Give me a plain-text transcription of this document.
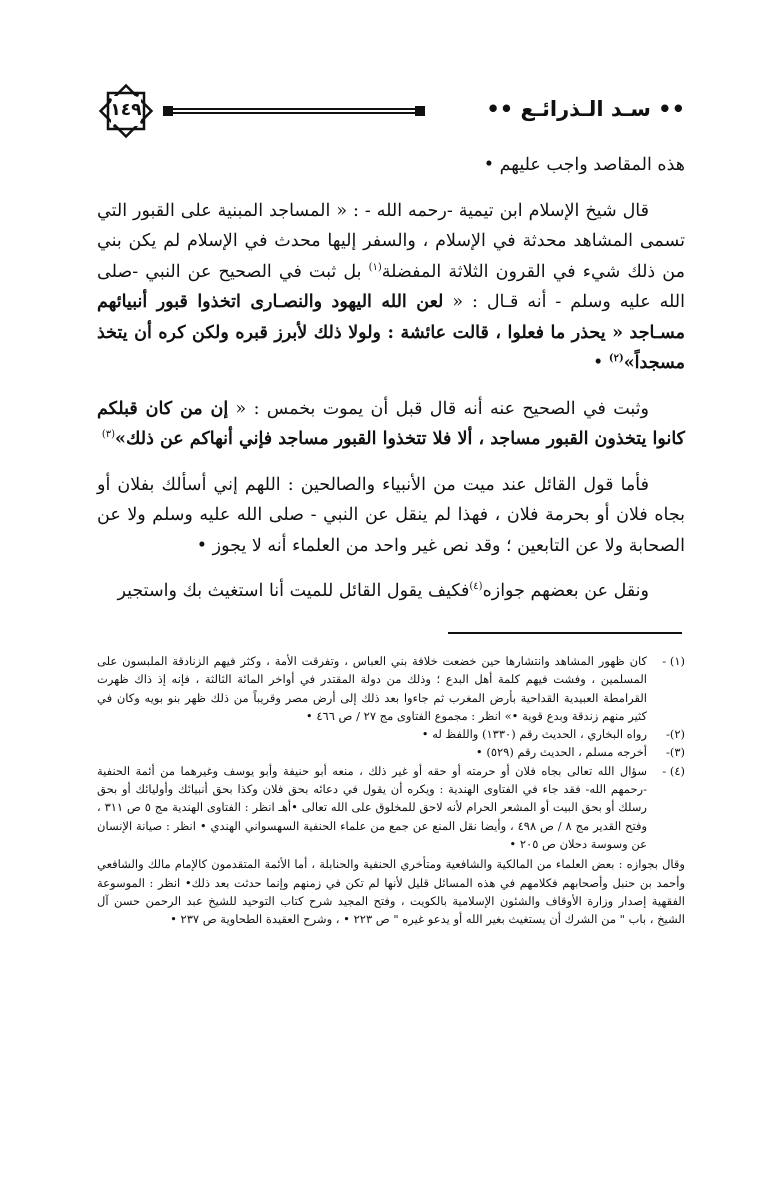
١٤٩	•• سـد الـذرائـع ••

هذه المقاصد واجب عليهم •

قال شيخ الإسلام ابن تيمية -رحمه الله - : « المساجد المبنية على القبور التي تسمى المشاهد محدثة في الإسلام ، والسفر إليها محدث في الإسلام لم يكن بني من ذلك شيء في القرون الثلاثة المفضلة$^{(١)}$ بل ثبت في الصحيح عن النبي -صلى الله عليه وسلم - أنه قـال : « لعن الله اليهود والنصـارى اتخذوا قبور أنبيائهم مسـاجد « يحذر ما فعلوا ، قالت عائشة : ولولا ذلك لأبرز قبره ولكن كره أن يتخذ مسجداً»$^{(٢)}$ •

وثبت في الصحيح عنه أنه قال قبل أن يموت بخمس : « إن من كان قبلكم كانوا يتخذون القبور مساجد ، ألا فلا تتخذوا القبور مساجد فإني أنهاكم عن ذلك»$^{(٣)}$

فأما قول القائل عند ميت من الأنبياء والصالحين : اللهم إني أسألك بفلان أو بجاه فلان أو بحرمة فلان ، فهذا لم ينقل عن النبي - صلى الله عليه وسلم ولا عن الصحابة ولا عن التابعين ؛ وقد نص غير واحد من العلماء أنه لا يجوز •

ونقل عن بعضهم جوازه$^{(٤)}$فكيف يقول القائل للميت أنا استغيث بك واستجير

(١) -
كان ظهور المشاهد وانتشارها حين خضعت خلافة بني العباس ، وتفرقت الأمة ، وكثر فيهم الزنادقة الملبسون على المسلمين ، وفشت فيهم كلمة أهل البدع ؛ وذلك من دولة المقتدر في أواخر المائة الثالثة ، فإنه إذ ذاك ظهرت القرامطة العبيدية القداحية بأرض المغرب ثم جاءوا بعد ذلك إلى أرض مصر وقريباً من ذلك ظهر بنو بويه وكان في كثير منهم زندقة وبدع قوية •» انظر : مجموع الفتاوى مج ٢٧ / ص ٤٦٦ •

(٢)-
رواه البخاري ، الحديث رقم (١٣٣٠) واللفظ له •

(٣)-
أخرجه مسلم ، الحديث رقم (٥٢٩) •

(٤) -
سؤال الله تعالى بجاه فلان أو حرمته أو حقه أو غير ذلك ، منعه أبو حنيفة وأبو يوسف وغيرهما من أئمة الحنفية -رحمهم الله- فقد جاء في الفتاوى الهندية : ويكره أن يقول في دعائه بحق فلان وكذا بحق أنبيائك وأوليائك أو بحق رسلك أو بحق البيت أو المشعر الحرام لأنه لاحق للمخلوق على الله تعالى •أهـ انظر : الفتاوى الهندية مج ٥ ص ٣١١ ، وفتح القدير مج ٨ / ص ٤٩٨ ، وأيضا نقل المنع عن جمع من علماء الحنفية السهسواني الهندي • انظر : صيانة الإنسان عن وسوسة دحلان ص ٢٠٥ •

وقال بجوازه : بعض العلماء من المالكية والشافعية ومتأخري الحنفية والحنابلة ، أما الأئمة المتقدمون كالإمام مالك والشافعي وأحمد بن حنبل وأصحابهم فكلامهم في هذه المسائل قليل لأنها لم تكن في زمنهم وإنما حدثت بعد ذلك• انظر : الموسوعة الفقهية إصدار وزارة الأوقاف والشئون الإسلامية بالكويت ، وفتح المجيد شرح كتاب التوحيد للشيخ عبد الرحمن حسن آل الشيخ ، باب " من الشرك أن يستغيث بغير الله أو يدعو غيره " ص ٢٢٣ • ، وشرح العقيدة الطحاوية ص ٢٣٧ •
